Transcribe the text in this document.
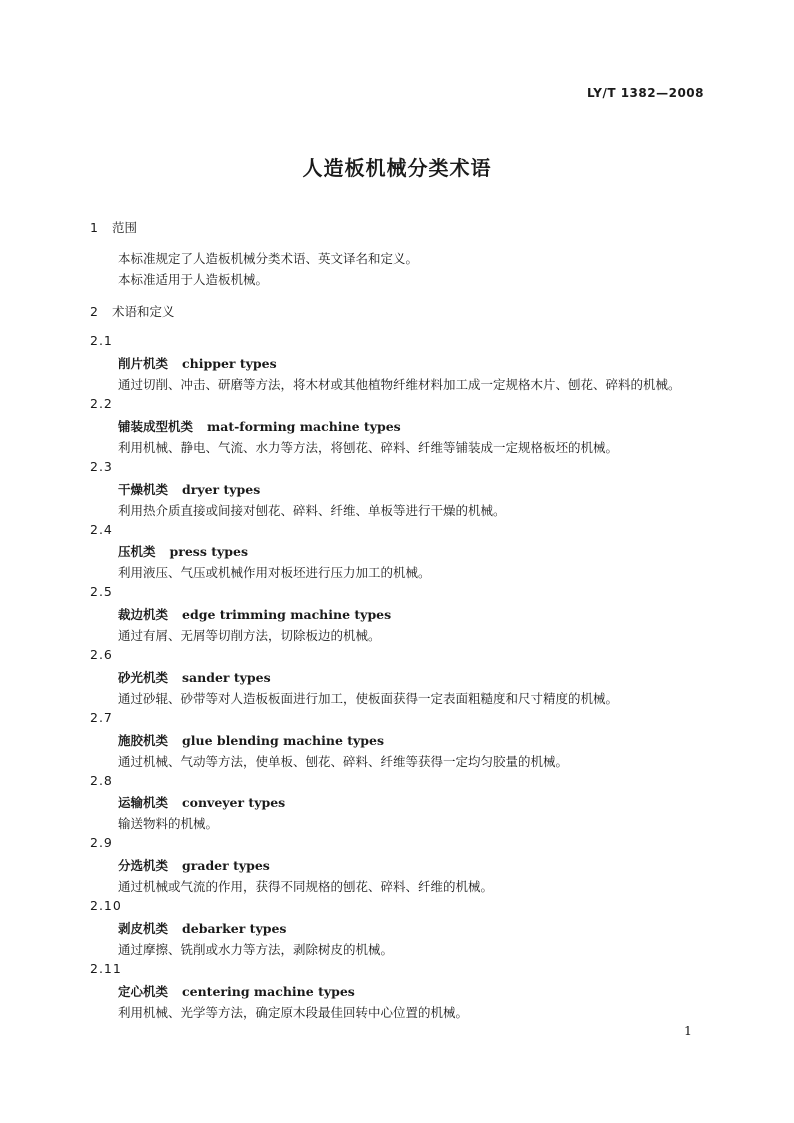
LY/T 1382—2008
人造板机械分类术语
1 范围
本标准规定了人造板机械分类术语、英文译名和定义。
本标准适用于人造板机械。
2 术语和定义
2.1
削片机类 chipper types
通过切削、冲击、研磨等方法，将木材或其他植物纤维材料加工成一定规格木片、刨花、碎料的机械。
2.2
铺装成型机类 mat-forming machine types
利用机械、静电、气流、水力等方法，将刨花、碎料、纤维等铺装成一定规格板坯的机械。
2.3
干燥机类 dryer types
利用热介质直接或间接对刨花、碎料、纤维、单板等进行干燥的机械。
2.4
压机类 press types
利用液压、气压或机械作用对板坯进行压力加工的机械。
2.5
裁边机类 edge trimming machine types
通过有屑、无屑等切削方法，切除板边的机械。
2.6
砂光机类 sander types
通过砂辊、砂带等对人造板板面进行加工，使板面获得一定表面粗糙度和尺寸精度的机械。
2.7
施胶机类 glue blending machine types
通过机械、气动等方法，使单板、刨花、碎料、纤维等获得一定均匀胶量的机械。
2.8
运输机类 conveyer types
输送物料的机械。
2.9
分选机类 grader types
通过机械或气流的作用，获得不同规格的刨花、碎料、纤维的机械。
2.10
剥皮机类 debarker types
通过摩擦、铣削或水力等方法，剥除树皮的机械。
2.11
定心机类 centering machine types
利用机械、光学等方法，确定原木段最佳回转中心位置的机械。
1
